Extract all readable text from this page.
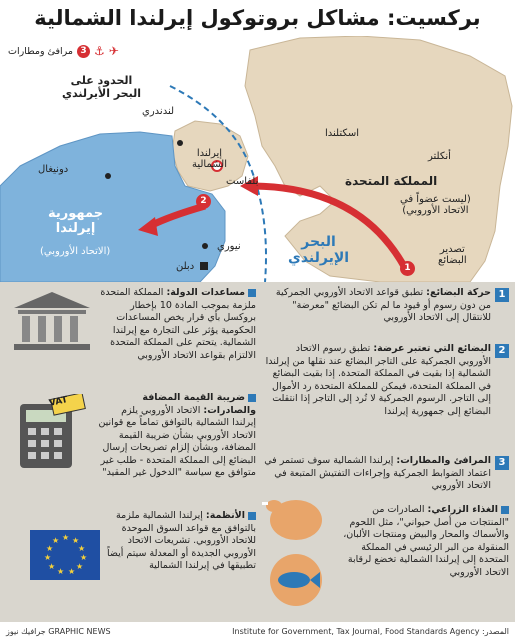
بركسيت: مشاكل بروتوكول إيرلندا الشمالية
✈
⚓
3
مرافئ ومطارات
الحدود على
البحر الأيرلندي
اسكتلندا
أنكلتر
المملكة المتحدة
(ليست عضواً في
الاتحاد الأوروبي)
إيرلندا
الشمالية
بلفاست
لندندري
دونيغال
نيوري
دبلن
جمهورية
إيرلندا
(الاتحاد الأوروبي)
البحر
الإيرلندي
تصدير
البضائع
1
2
VAT
★ ★
★
★
★
★
★
★
★
★
★
1
حركة البضائع: تطبق قواعد الاتحاد الأوروبي الجمركية من دون رسوم أو قيود ما لم تكن البضائع "معرضة" للانتقال إلى الاتحاد الأوروبي
2
البضائع التي تعتبر عرضة: تطبق رسوم الاتحاد الأوروبي الجمركية على التاجر البضائع عند نقلها من إيرلندا الشمالية إذا بقيت في المملكة المتحدة. إذا بقيت البضائع في المملكة المتحدة، فيمكن للمملكة المتحدة رد الأموال إلى التاجر. الرسوم الجمركية لا تُرد إلى التاجر إذا انتقلت البضائع إلى جمهورية إيرلندا
3
المرافئ والمطارات: إيرلندا الشمالية سوف تستمر في اعتماد الضوابط الجمركية وإجراءات التفتيش المتبعة في الاتحاد الأوروبي
الغذاء الزراعي: الصادرات من "المنتجات من أصل حيواني"، مثل اللحوم والأسماك والمحار والبيض ومنتجات الألبان، المنقولة من البر الرئيسي في المملكة المتحدة إلى إيرلندا الشمالية تخضع لرقابة الاتحاد الأوروبي
مساعدات الدولة: المملكة المتحدة ملزمة بموجب المادة 10 بإخطار بروكسل بأي قرار يخص المساعدات الحكومية يؤثر على التجارة مع إيرلندا الشمالية. يتحتم على المملكة المتحدة الالتزام بقواعد الاتحاد الأوروبي
ضريبة القيمة المضافة والصادرات: الاتحاد الأوروبي يلزم إيرلندا الشمالية بالتوافق تماماً مع قوانين الاتحاد الأوروبي بشأن ضريبة القيمة المضافة، وبشأن إلزام تصريحات إرسال البضائع إلى المملكة المتحدة - طلب غير متوافق مع سياسة "الدخول غير المقيد"
الأنظمة: إيرلندا الشمالية ملزمة بالتوافق مع قواعد السوق الموحدة للاتحاد الأوروبي. تشريعات الاتحاد الأوروبي الجديدة أو المعدلة سيتم أيضاً تطبيقها في إيرلندا الشمالية
المصدر: Institute for Government, Tax Journal, Food Standards Agency
جرافيك نيوز GRAPHIC NEWS
